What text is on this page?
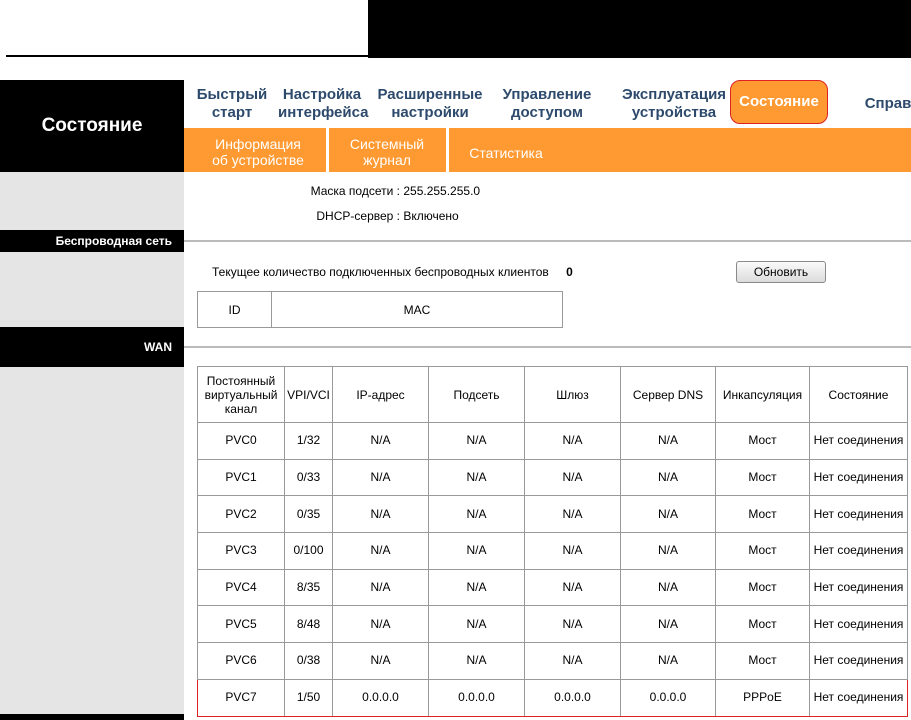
Состояние
Беспроводная сеть
WAN
Быстрый
старт
Настройка
интерфейса
Расширенные
настройки
Управление
доступом
Эксплуатация
устройства
Состояние	Справ
Информация
об устройстве
Системный
журнал	Статистика
Маска подсети : 255.255.255.0
DHCP-сервер : Включено
Текущее количество подключенных беспроводных клиентов 0	Обновить
ID	MAC
Постоянный виртуальный канал	VPI/VCI	IP-адрес	Подсеть	Шлюз	Сервер DNS	Инкапсуляция	Состояние
PVC0	1/32	N/A	N/A	N/A	N/A	Мост	Нет соединения
PVC1	0/33	N/A	N/A	N/A	N/A	Мост	Нет соединения
PVC2	0/35	N/A	N/A	N/A	N/A	Мост	Нет соединения
PVC3	0/100	N/A	N/A	N/A	N/A	Мост	Нет соединения
PVC4	8/35	N/A	N/A	N/A	N/A	Мост	Нет соединения
PVC5	8/48	N/A	N/A	N/A	N/A	Мост	Нет соединения
PVC6	0/38	N/A	N/A	N/A	N/A	Мост	Нет соединения
PVC7	1/50	0.0.0.0	0.0.0.0	0.0.0.0	0.0.0.0	PPPoE	Нет соединения
